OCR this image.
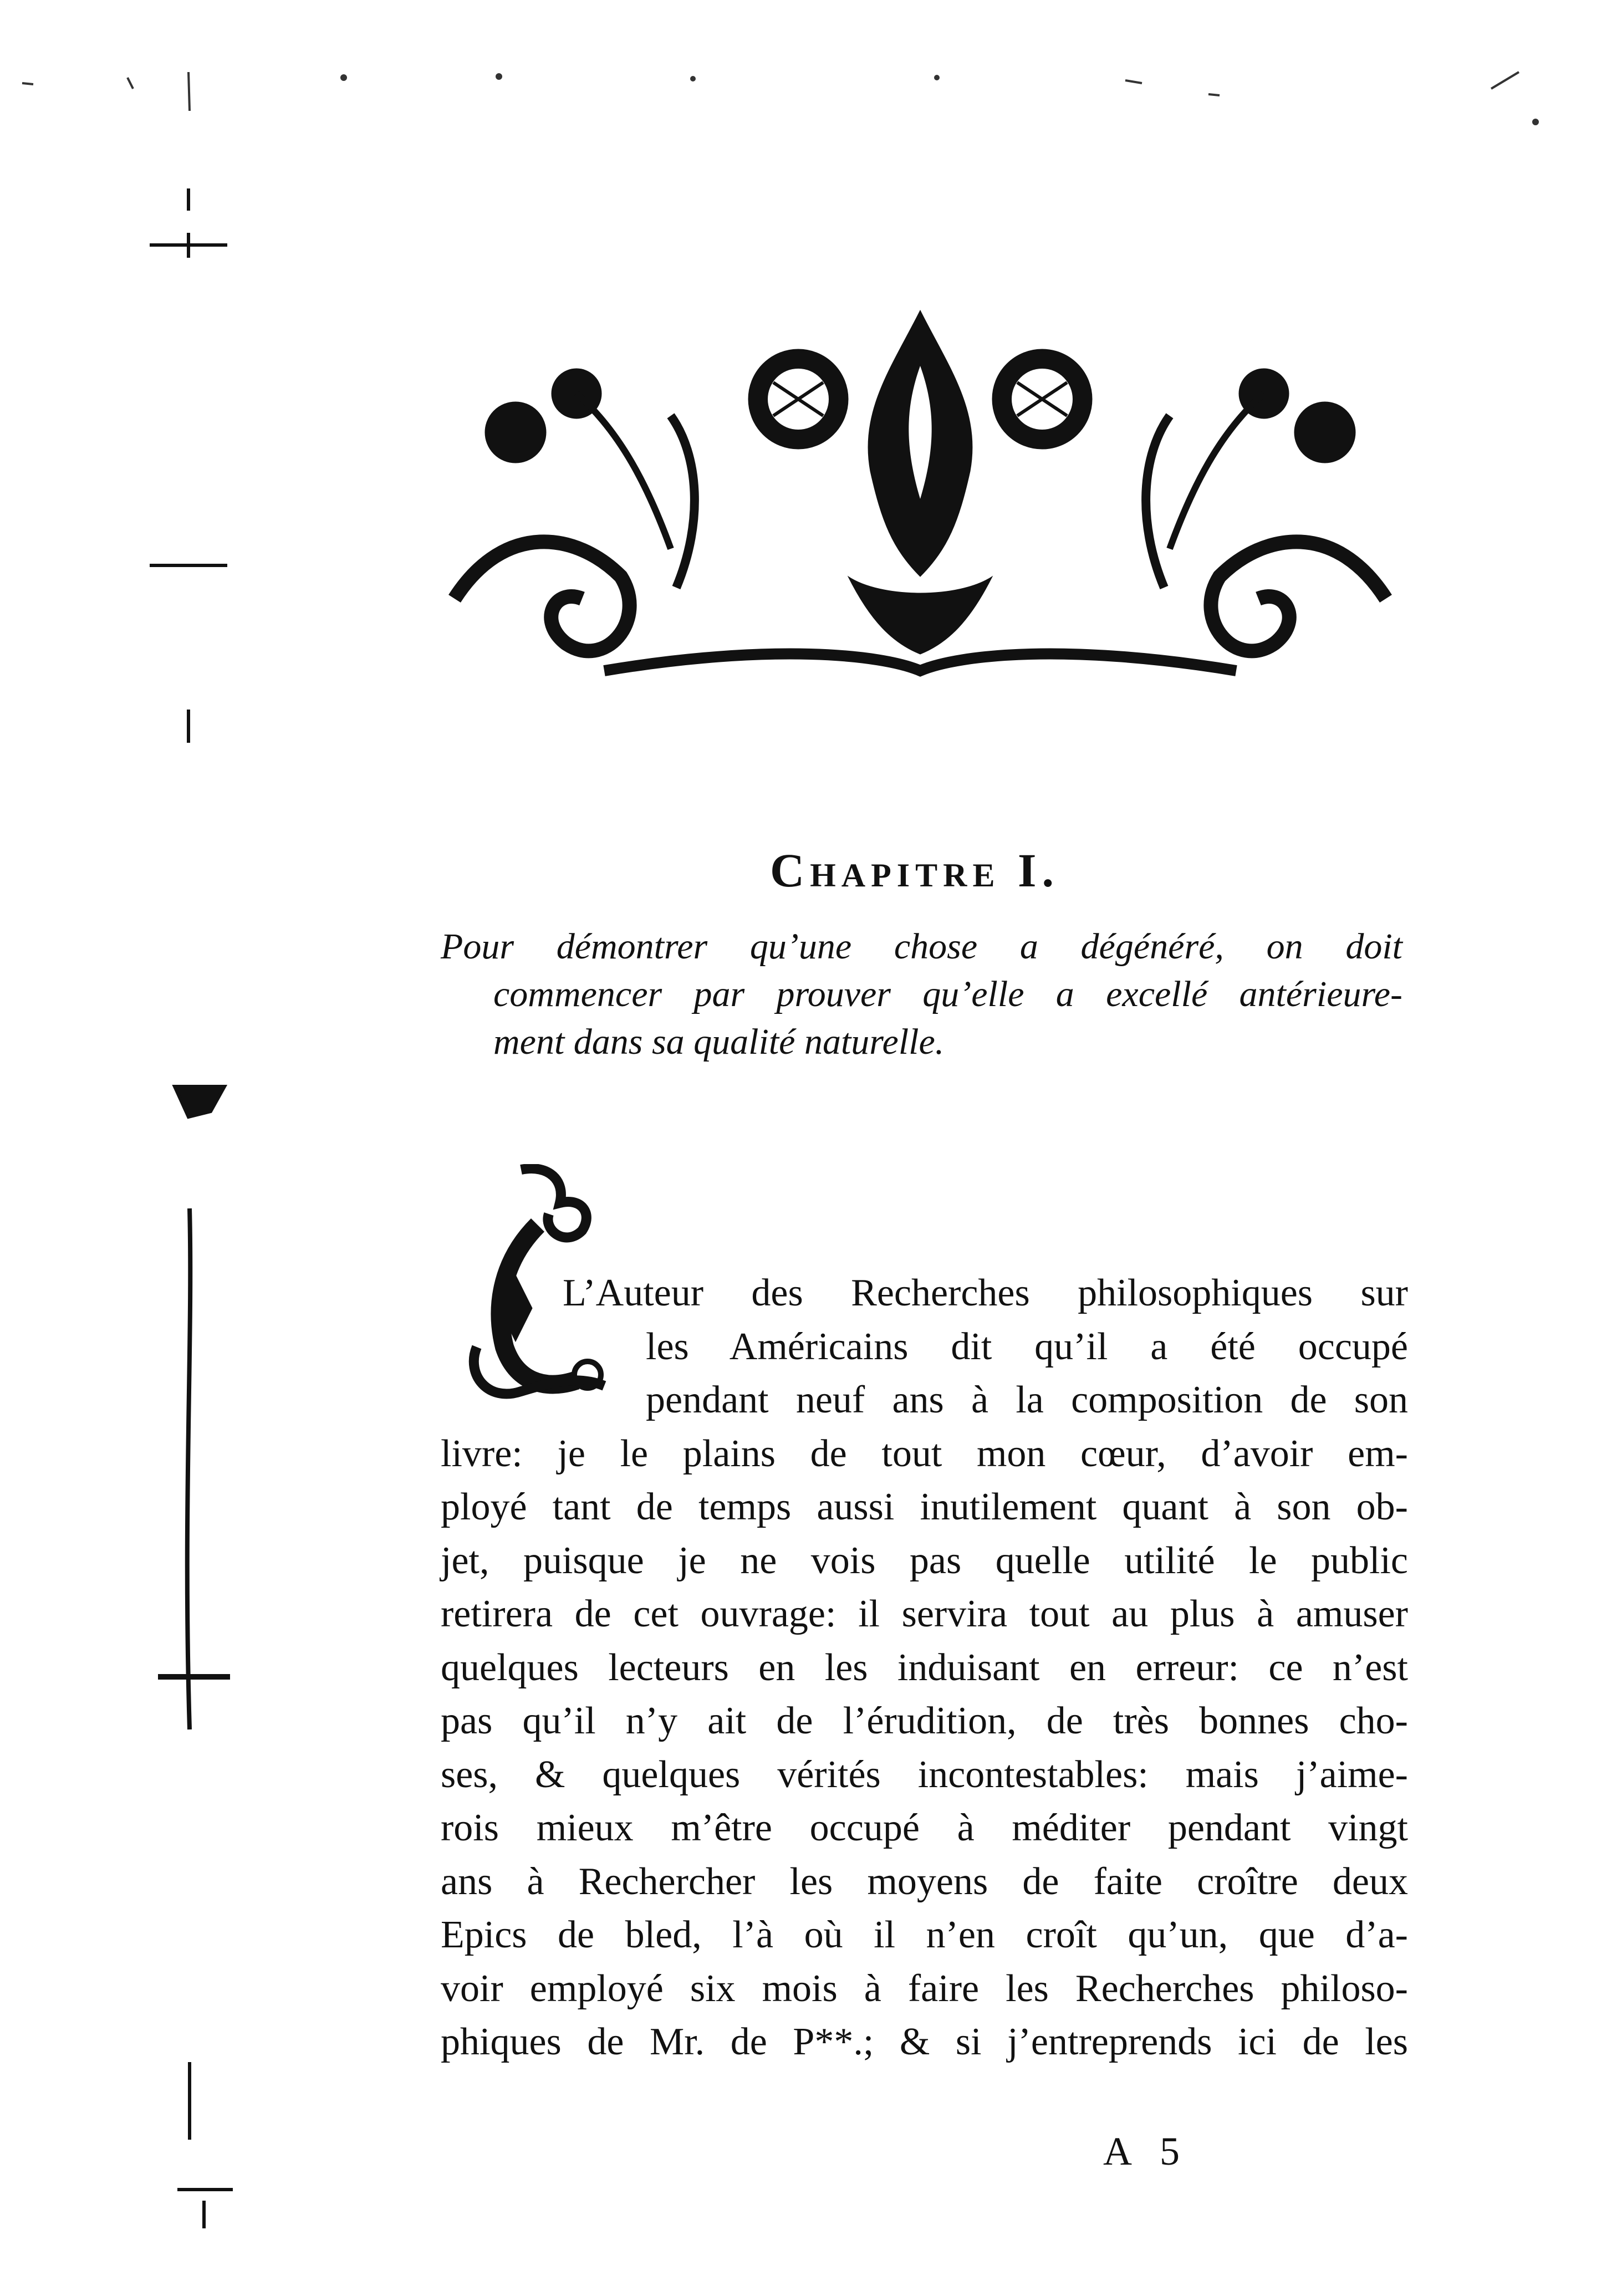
Chapitre I.
Pour démontrer qu’une chose a dégénéré, on doit
commencer par prouver qu’elle a excellé antérieure-
ment dans sa qualité naturelle.
L’Auteur des Recherches philosophiques sur
les Américains dit qu’il a été occupé
pendant neuf ans à la composition de son
livre: je le plains de tout mon cœur, d’avoir em-
ployé tant de temps aussi inutilement quant à son ob-
jet, puisque je ne vois pas quelle utilité le public
retirera de cet ouvrage: il servira tout au plus à amuser
quelques lecteurs en les induisant en erreur: ce n’est
pas qu’il n’y ait de l’érudition, de très bonnes cho-
ses, & quelques vérités incontestables: mais j’aime-
rois mieux m’être occupé à méditer pendant vingt
ans à Rechercher les moyens de faite croître deux
Epics de bled, l’à où il n’en croît qu’un, que d’a-
voir employé six mois à faire les Recherches philoso-
phiques de Mr. de P**.; & si j’entreprends ici de les
A 5
